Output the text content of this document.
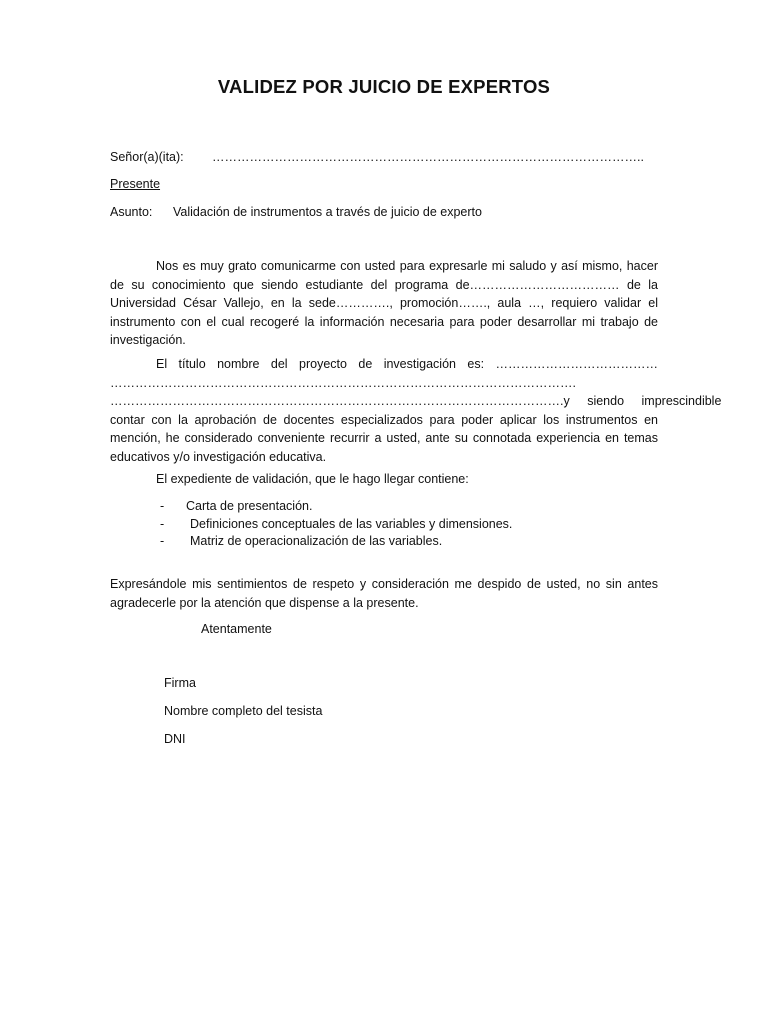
VALIDEZ POR JUICIO DE EXPERTOS
Señor(a)(ita): …………………………………………………………………………………………..
Presente
Asunto: Validación de instrumentos a través de juicio de experto
Nos es muy grato comunicarme con usted para expresarle mi saludo y así mismo, hacer de su conocimiento que siendo estudiante del programa de……………………………… de la Universidad César Vallejo, en la sede…………., promoción……., aula …, requiero validar el instrumento con el cual recogeré la información necesaria para poder desarrollar mi trabajo de investigación.
El título nombre del proyecto de investigación es: …………………………………
………………………………………………………………………………………………….
………………………………………………………………………………………………. y siendo imprescindible
contar con la aprobación de docentes especializados para poder aplicar los instrumentos en mención, he considerado conveniente recurrir a usted, ante su connotada experiencia en temas educativos y/o investigación educativa.
El expediente de validación, que le hago llegar contiene:
- Carta de presentación.
- Definiciones conceptuales de las variables y dimensiones.
- Matriz de operacionalización de las variables.
Expresándole mis sentimientos de respeto y consideración me despido de usted, no sin antes agradecerle por la atención que dispense a la presente.
Atentamente
Firma
Nombre completo del tesista
DNI
